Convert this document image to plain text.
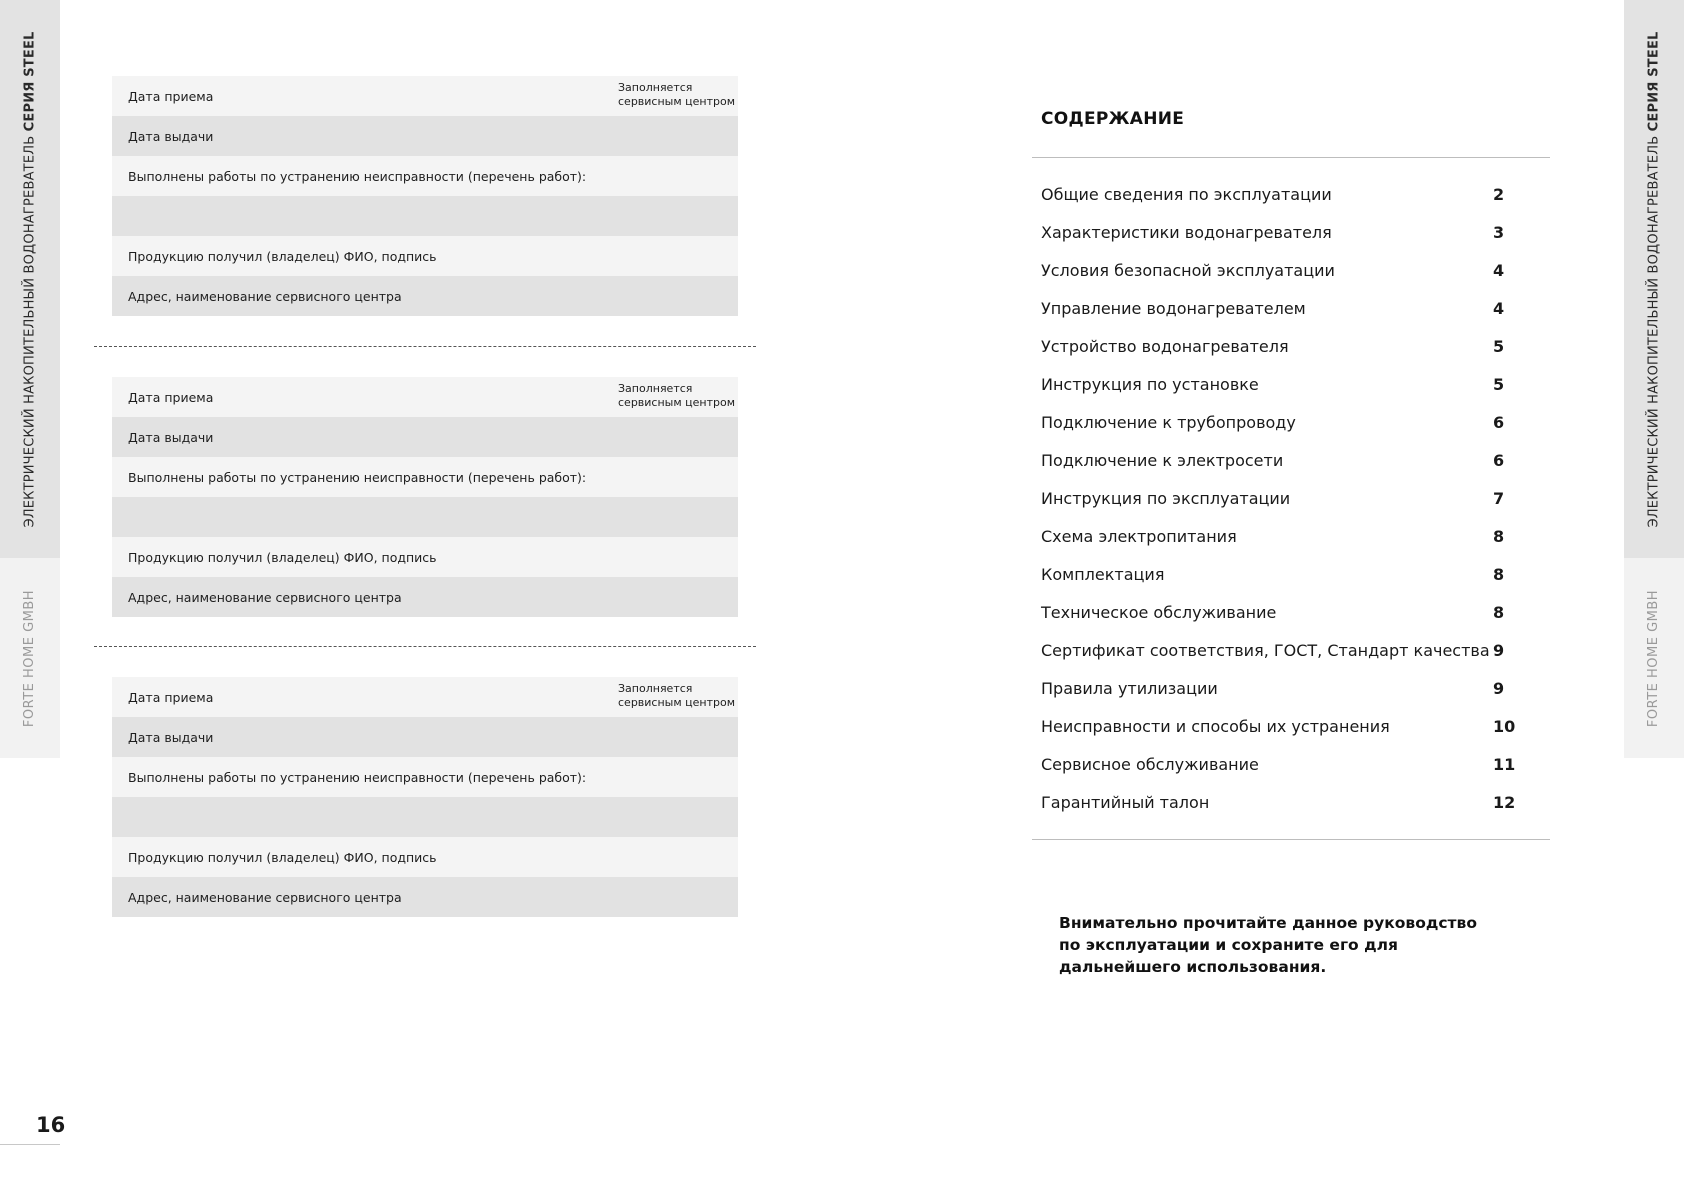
ЭЛЕКТРИЧЕСКИЙ НАКОПИТЕЛЬНЫЙ ВОДОНАГРЕВАТЕЛЬ СЕРИЯ STEEL
FORTE HOME GMBH
ЭЛЕКТРИЧЕСКИЙ НАКОПИТЕЛЬНЫЙ ВОДОНАГРЕВАТЕЛЬ СЕРИЯ STEEL
FORTE HOME GMBH
Дата приема
Заполняется
сервисным центром
Дата выдачи
Выполнены работы по устранению неисправности (перечень работ):
Продукцию получил (владелец) ФИО, подпись
Адрес, наименование сервисного центра
Дата приема
Заполняется
сервисным центром
Дата выдачи
Выполнены работы по устранению неисправности (перечень работ):
Продукцию получил (владелец) ФИО, подпись
Адрес, наименование сервисного центра
Дата приема
Заполняется
сервисным центром
Дата выдачи
Выполнены работы по устранению неисправности (перечень работ):
Продукцию получил (владелец) ФИО, подпись
Адрес, наименование сервисного центра
16
СОДЕРЖАНИЕ
Общие сведения по эксплуатации	2
Характеристики водонагревателя	3
Условия безопасной эксплуатации	4
Управление водонагревателем	4
Устройство водонагревателя	5
Инструкция по установке	5
Подключение к трубопроводу	6
Подключение к электросети	6
Инструкция по эксплуатации	7
Схема электропитания	8
Комплектация	8
Техническое обслуживание	8
Сертификат соответствия, ГОСТ, Стандарт качества 9
Правила утилизации	9
Неисправности и способы их устранения	10
Сервисное обслуживание	11
Гарантийный талон	12
Внимательно прочитайте данное руководство
по эксплуатации и сохраните его для
дальнейшего использования.
